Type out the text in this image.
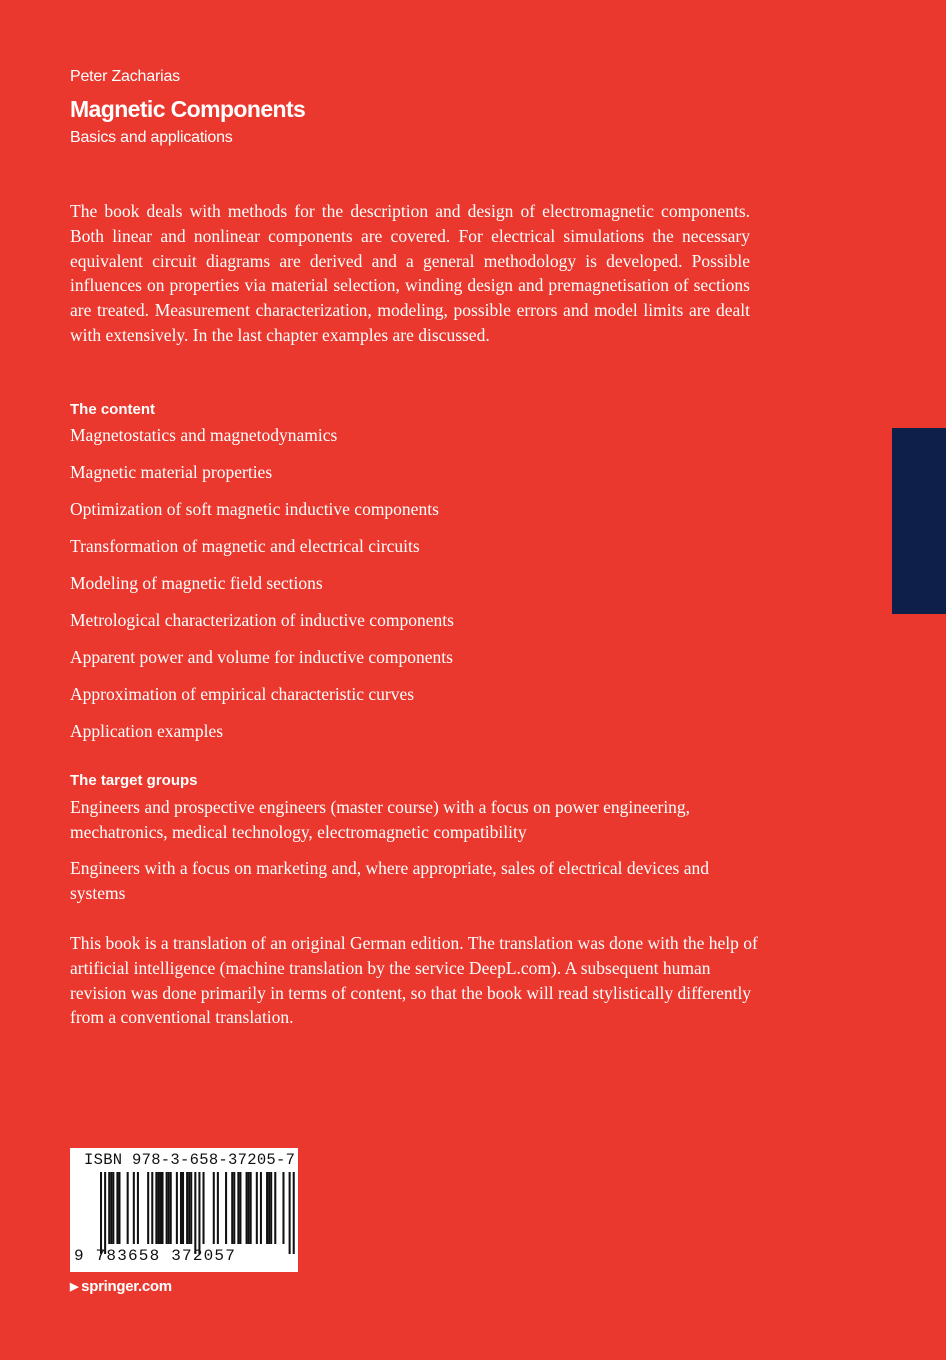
Peter Zacharias
Magnetic Components
Basics and applications
The book deals with methods for the description and design of electromagnetic components. Both linear and nonlinear components are covered. For electrical simulations the necessary equivalent circuit diagrams are derived and a general methodology is developed. Possible influences on properties via material selection, winding design and premagnetisation of sections are treated. Measurement characterization, modeling, possible errors and model limits are dealt with extensively. In the last chapter examples are discussed.
The content
Magnetostatics and magnetodynamics
Magnetic material properties
Optimization of soft magnetic inductive components
Transformation of magnetic and electrical circuits
Modeling of magnetic field sections
Metrological characterization of inductive components
Apparent power and volume for inductive components
Approximation of empirical characteristic curves
Application examples
The target groups
Engineers and prospective engineers (master course) with a focus on power engineering, mechatronics, medical technology, electromagnetic compatibility
Engineers with a focus on marketing and, where appropriate, sales of electrical devices and systems
This book is a translation of an original German edition. The translation was done with the help of artificial intelligence (machine translation by the service DeepL.com). A subsequent human revision was done primarily in terms of content, so that the book will read stylistically differently from a conventional translation.
ISBN 978-3-658-37205-7
9 783658 372057
▶ springer.com
